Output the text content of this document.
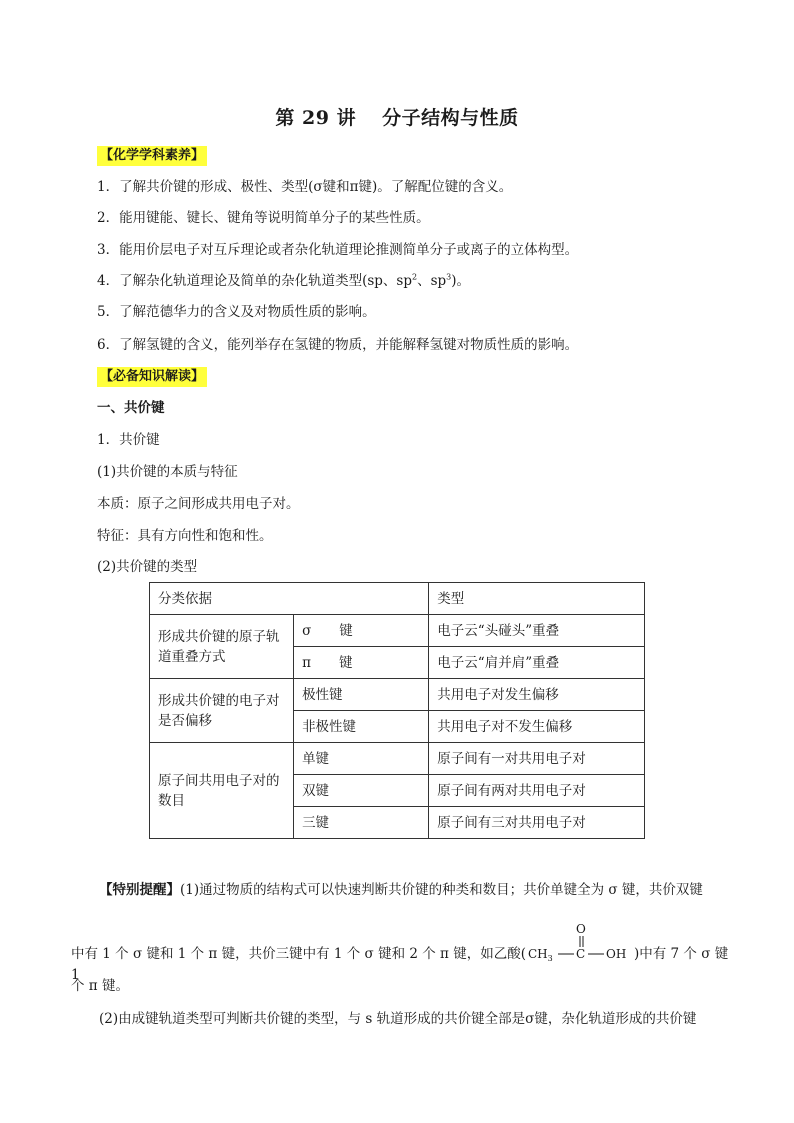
第 29 讲 分子结构与性质
【化学学科素养】
1．了解共价键的形成、极性、类型(σ键和π键)。了解配位键的含义。
2．能用键能、键长、键角等说明简单分子的某些性质。
3．能用价层电子对互斥理论或者杂化轨道理论推测简单分子或离子的立体构型。
4．了解杂化轨道理论及简单的杂化轨道类型(sp、$sp^2$、$sp^3$)。
5．了解范德华力的含义及对物质性质的影响。
6．了解氢键的含义，能列举存在氢键的物质，并能解释氢键对物质性质的影响。
【必备知识解读】
一、共价键
1．共价键
(1)共价键的本质与特征
本质：原子之间形成共用电子对。
特征：具有方向性和饱和性。
(2)共价键的类型
分类依据		类型

形成共价键的原子轨
道重叠方式	σ 键	电子云“头碰头”重叠
	π 键	电子云“肩并肩”重叠

形成共价键的电子对
是否偏移	极性键	共用电子对发生偏移
	非极性键	共用电子对不发生偏移

原子间共用电子对的
数目	单键	原子间有一对共用电子对
	双键	原子间有两对共用电子对
	三键	原子间有三对共用电子对
【特别提醒】(1)通过物质的结构式可以快速判断共价键的种类和数目；共价单键全为 σ 键，共价双键
中有 1 个 σ 键和 1 个 π 键，共价三键中有 1 个 σ 键和 2 个 π 键，如乙酸( $CH_3$ C
O
OH )中有 7 个 σ 键 1
个 π 键。
(2)由成键轨道类型可判断共价键的类型，与 s 轨道形成的共价键全部是σ键，杂化轨道形成的共价键
